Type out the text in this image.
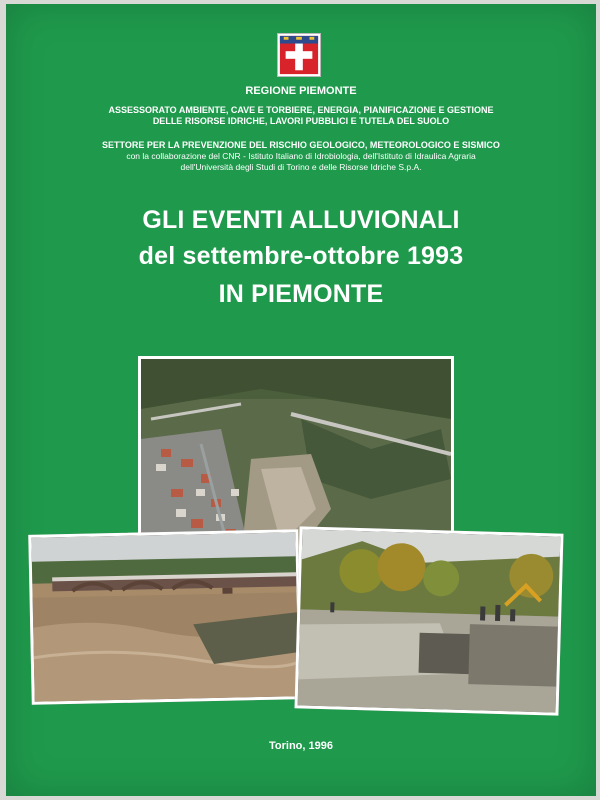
REGIONE PIEMONTE
ASSESSORATO AMBIENTE, CAVE E TORBIERE, ENERGIA, PIANIFICAZIONE E GESTIONE
DELLE RISORSE IDRICHE, LAVORI PUBBLICI E TUTELA DEL SUOLO
SETTORE PER LA PREVENZIONE DEL RISCHIO GEOLOGICO, METEOROLOGICO E SISMICO
con la collaborazione del CNR - Istituto Italiano di Idrobiologia, dell'Istituto di Idraulica Agraria
dell'Università degli Studi di Torino e delle Risorse Idriche S.p.A.
GLI EVENTI ALLUVIONALI
del settembre-ottobre 1993
IN PIEMONTE
Torino, 1996
